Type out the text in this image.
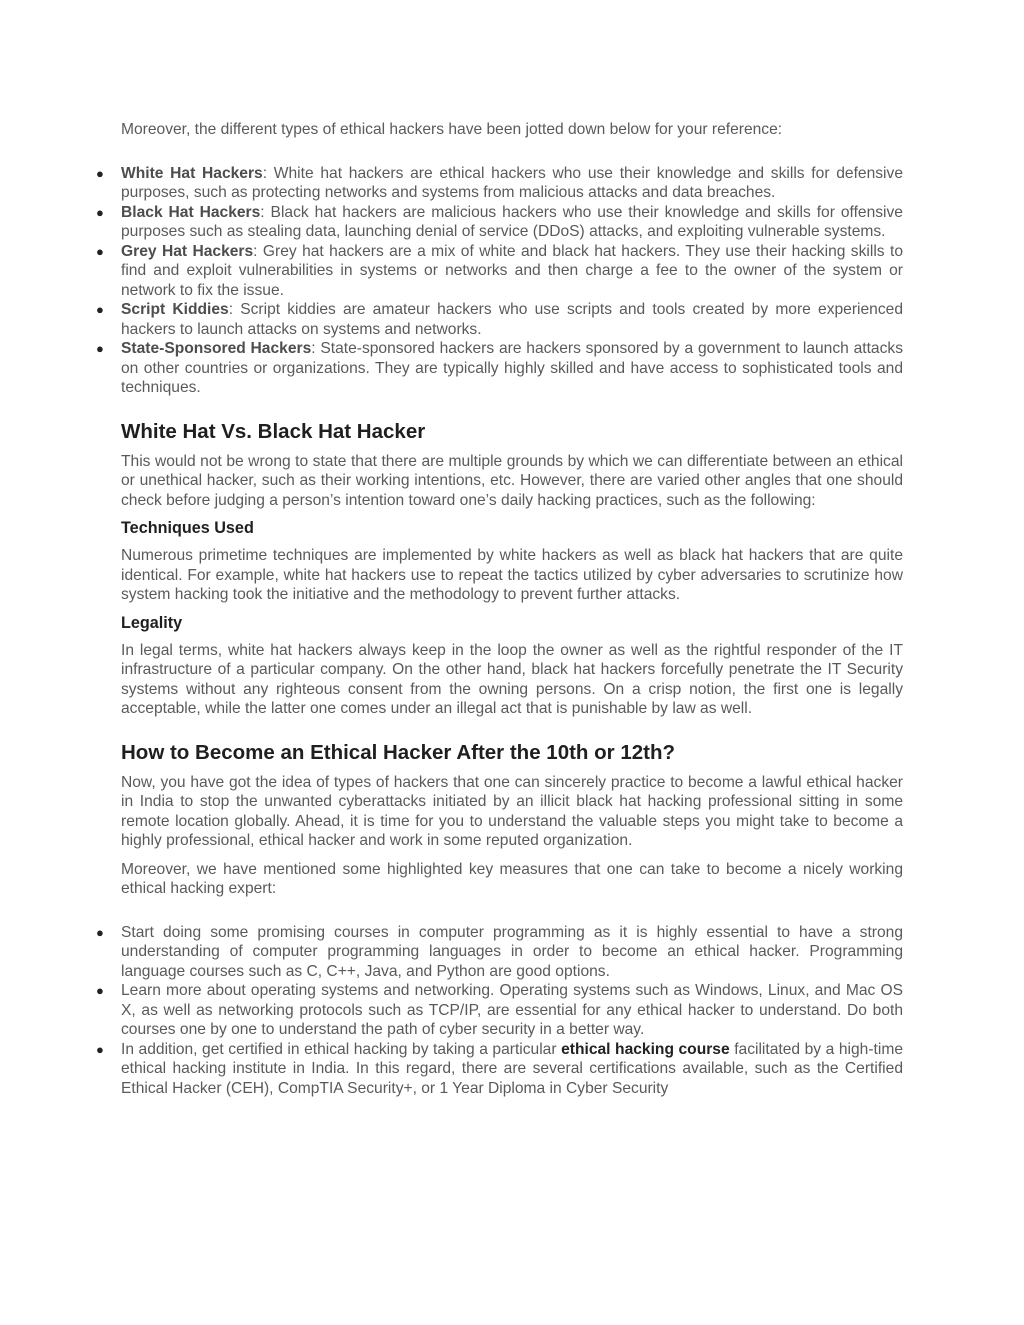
Moreover, the different types of ethical hackers have been jotted down below for your reference:

● White Hat Hackers: White hat hackers are ethical hackers who use their knowledge and skills for defensive purposes, such as protecting networks and systems from malicious attacks and data breaches.
● Black Hat Hackers: Black hat hackers are malicious hackers who use their knowledge and skills for offensive purposes such as stealing data, launching denial of service (DDoS) attacks, and exploiting vulnerable systems.
● Grey Hat Hackers: Grey hat hackers are a mix of white and black hat hackers. They use their hacking skills to find and exploit vulnerabilities in systems or networks and then charge a fee to the owner of the system or network to fix the issue.
● Script Kiddies: Script kiddies are amateur hackers who use scripts and tools created by more experienced hackers to launch attacks on systems and networks.
● State-Sponsored Hackers: State-sponsored hackers are hackers sponsored by a government to launch attacks on other countries or organizations. They are typically highly skilled and have access to sophisticated tools and techniques.
White Hat Vs. Black Hat Hacker

This would not be wrong to state that there are multiple grounds by which we can differentiate between an ethical or unethical hacker, such as their working intentions, etc. However, there are varied other angles that one should check before judging a person’s intention toward one’s daily hacking practices, such as the following:

Techniques Used

Numerous primetime techniques are implemented by white hackers as well as black hat hackers that are quite identical. For example, white hat hackers use to repeat the tactics utilized by cyber adversaries to scrutinize how system hacking took the initiative and the methodology to prevent further attacks.

Legality

In legal terms, white hat hackers always keep in the loop the owner as well as the rightful responder of the IT infrastructure of a particular company. On the other hand, black hat hackers forcefully penetrate the IT Security systems without any righteous consent from the owning persons. On a crisp notion, the first one is legally acceptable, while the latter one comes under an illegal act that is punishable by law as well.

How to Become an Ethical Hacker After the 10th or 12th?

Now, you have got the idea of types of hackers that one can sincerely practice to become a lawful ethical hacker in India to stop the unwanted cyberattacks initiated by an illicit black hat hacking professional sitting in some remote location globally. Ahead, it is time for you to understand the valuable steps you might take to become a highly professional, ethical hacker and work in some reputed organization.

Moreover, we have mentioned some highlighted key measures that one can take to become a nicely working ethical hacking expert:

● Start doing some promising courses in computer programming as it is highly essential to have a strong understanding of computer programming languages in order to become an ethical hacker. Programming language courses such as C, C++, Java, and Python are good options.
● Learn more about operating systems and networking. Operating systems such as Windows, Linux, and Mac OS X, as well as networking protocols such as TCP/IP, are essential for any ethical hacker to understand. Do both courses one by one to understand the path of cyber security in a better way.
● In addition, get certified in ethical hacking by taking a particular ethical hacking course facilitated by a high-time ethical hacking institute in India. In this regard, there are several certifications available, such as the Certified Ethical Hacker (CEH), CompTIA Security+, or 1 Year Diploma in Cyber Security
